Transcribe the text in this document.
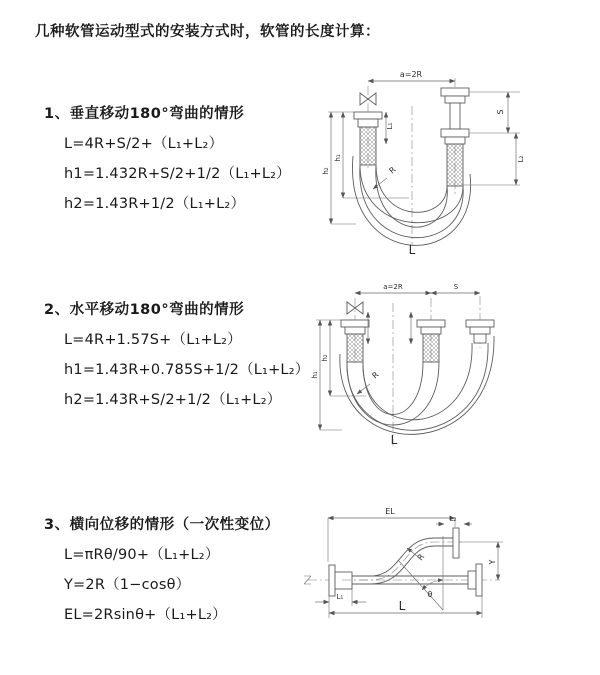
几种软管运动型式的安装方式时，软管的长度计算：
1、垂直移动180°弯曲的情形
L=4R+S/2+（L₁+L₂）
h1=1.432R+S/2+1/2（L₁+L₂）
h2=1.43R+1/2（L₁+L₂）
2、水平移动180°弯曲的情形
L=4R+1.57S+（L₁+L₂）
h1=1.43R+0.785S+1/2（L₁+L₂）
h2=1.43R+S/2+1/2（L₁+L₂）
3、横向位移的情形（一次性变位）
L=πRθ/90+（L₁+L₂）
Y=2R（1−cosθ）
EL=2Rsinθ+（L₁+L₂）
a=2R
R
h₁
h₂
L₁
S
L₂
L
a=2R	S
R
h₂
h₁
L
EL
L₂
Y
θ
R
L
L₁
